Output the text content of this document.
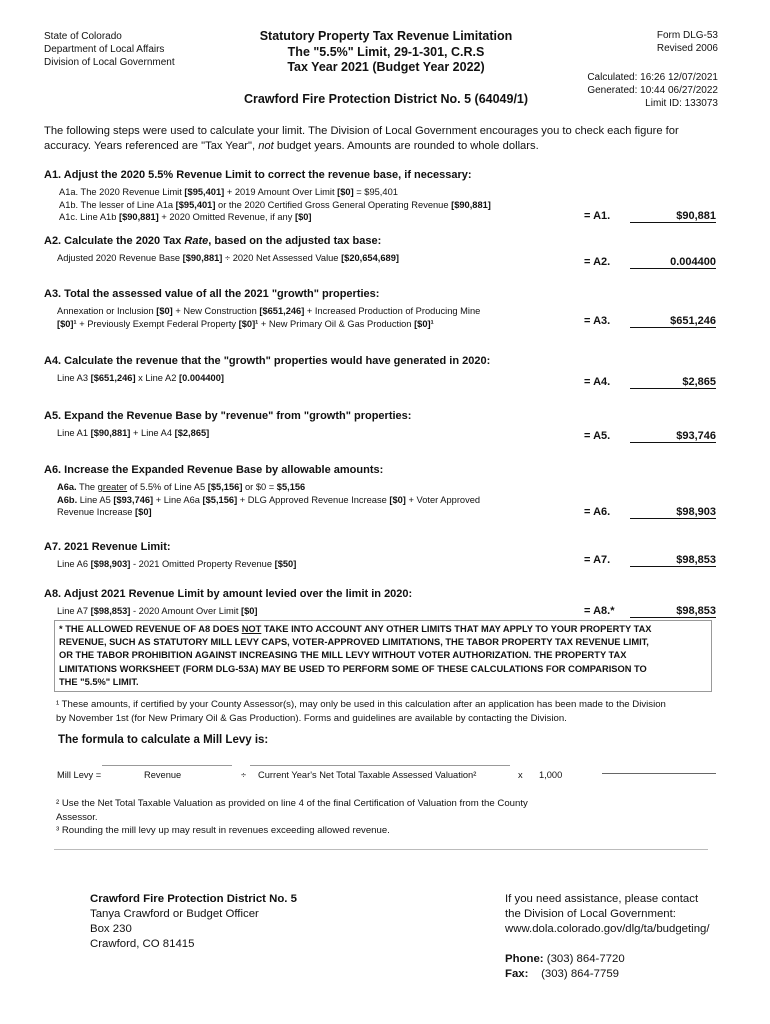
State of Colorado
Department of Local Affairs
Division of Local Government
Statutory Property Tax Revenue Limitation
The "5.5%" Limit, 29-1-301, C.R.S
Tax Year 2021 (Budget Year 2022)
Crawford Fire Protection District No. 5 (64049/1)
Form DLG-53
Revised 2006
Calculated: 16:26 12/07/2021
Generated: 10:44 06/27/2022
Limit ID: 133073
The following steps were used to calculate your limit. The Division of Local Government encourages you to check each figure for
accuracy. Years referenced are "Tax Year", not budget years. Amounts are rounded to whole dollars.
A1. Adjust the 2020 5.5% Revenue Limit to correct the revenue base, if necessary:
A1a. The 2020 Revenue Limit [$95,401] + 2019 Amount Over Limit [$0] = $95,401
A1b. The lesser of Line A1a [$95,401] or the 2020 Certified Gross General Operating Revenue [$90,881]
A1c. Line A1b [$90,881] + 2020 Omitted Revenue, if any [$0]	= A1.	$90,881
A2. Calculate the 2020 Tax Rate, based on the adjusted tax base:
Adjusted 2020 Revenue Base [$90,881] ÷ 2020 Net Assessed Value [$20,654,689]	= A2.	0.004400
A3. Total the assessed value of all the 2021 "growth" properties:
Annexation or Inclusion [$0] + New Construction [$651,246] + Increased Production of Producing Mine
[$0]¹ + Previously Exempt Federal Property [$0]¹ + New Primary Oil & Gas Production [$0]¹	= A3.	$651,246
A4. Calculate the revenue that the "growth" properties would have generated in 2020:
Line A3 [$651,246] x Line A2 [0.004400]	= A4.	$2,865
A5. Expand the Revenue Base by "revenue" from "growth" properties:
Line A1 [$90,881] + Line A4 [$2,865]	= A5.	$93,746
A6. Increase the Expanded Revenue Base by allowable amounts:
A6a. The greater of 5.5% of Line A5 [$5,156] or $0 = $5,156
A6b. Line A5 [$93,746] + Line A6a [$5,156] + DLG Approved Revenue Increase [$0] + Voter Approved
Revenue Increase [$0]	= A6.	$98,903
A7. 2021 Revenue Limit:
Line A6 [$98,903] - 2021 Omitted Property Revenue [$50]	= A7.	$98,853
A8. Adjust 2021 Revenue Limit by amount levied over the limit in 2020:
Line A7 [$98,853] - 2020 Amount Over Limit [$0]	= A8.*	$98,853
* THE ALLOWED REVENUE OF A8 DOES NOT TAKE INTO ACCOUNT ANY OTHER LIMITS THAT MAY APPLY TO YOUR PROPERTY TAX
REVENUE, SUCH AS STATUTORY MILL LEVY CAPS, VOTER-APPROVED LIMITATIONS, THE TABOR PROPERTY TAX REVENUE LIMIT,
OR THE TABOR PROHIBITION AGAINST INCREASING THE MILL LEVY WITHOUT VOTER AUTHORIZATION. THE PROPERTY TAX
LIMITATIONS WORKSHEET (FORM DLG-53A) MAY BE USED TO PERFORM SOME OF THESE CALCULATIONS FOR COMPARISON TO
THE "5.5%" LIMIT.
¹ These amounts, if certified by your County Assessor(s), may only be used in this calculation after an application has been made to the Division
by November 1st (for New Primary Oil & Gas Production). Forms and guidelines are available by contacting the Division.
The formula to calculate a Mill Levy is:
Mill Levy =	Revenue	÷ Current Year's Net Total Taxable Assessed Valuation²	x 1,000
² Use the Net Total Taxable Valuation as provided on line 4 of the final Certification of Valuation from the County
Assessor.
³ Rounding the mill levy up may result in revenues exceeding allowed revenue.
Crawford Fire Protection District No. 5
Tanya Crawford or Budget Officer
Box 230
Crawford, CO 81415
If you need assistance, please contact
the Division of Local Government:
www.dola.colorado.gov/dlg/ta/budgeting/
Phone: (303) 864-7720
Fax: (303) 864-7759
